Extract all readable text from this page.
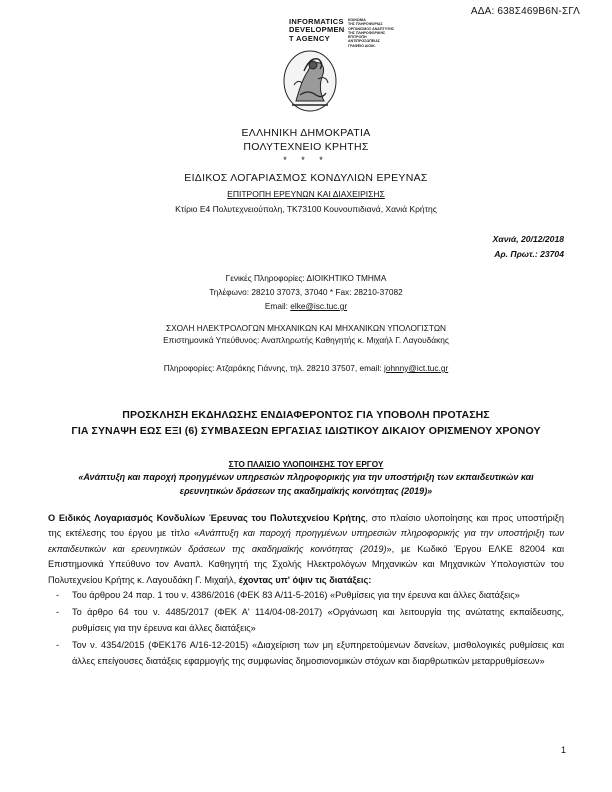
ΑΔΑ: 638Σ469Β6Ν-ΣΓΛ
INFORMATICS
DEVELOPMEN
T AGENCY
ΚΟΙΝΩΝΙΑ
ΤΗΣ ΠΛΗΡΟΦΟΡΙΑΣ
ΟΡΓΑΝΙΣΜΟΣ ΑΝΑΠΤΥΞΗΣ
ΤΗΣ ΠΛΗΡΟΦΟΡΙΚΗΣ
ΕΠΙΤΡΟΠΗ
ΑΝΤΙΠΡΟΣΩΠΕΙΑΣ
ΓΡΑΦΕΙΟ ΔΙΟΙΚ.
ΕΛΛΗΝΙΚΗ ΔΗΜΟΚΡΑΤΙΑ
ΠΟΛΥΤΕΧΝΕΙΟ ΚΡΗΤΗΣ
* * *
ΕΙΔΙΚΟΣ ΛΟΓΑΡΙΑΣΜΟΣ ΚΟΝΔΥΛΙΩΝ ΕΡΕΥΝΑΣ
ΕΠΙΤΡΟΠΗ ΕΡΕΥΝΩΝ ΚΑΙ ΔΙΑΧΕΙΡΙΣΗΣ
Κτίριο Ε4 Πολυτεχνειούπολη, ΤΚ73100 Κουνουπιδιανά, Χανιά Κρήτης
Χανιά, 20/12/2018
Αρ. Πρωτ.: 23704
Γενικές Πληροφορίες: ΔΙΟΙΚΗΤΙΚΟ ΤΜΗΜΑ
Τηλέφωνο: 28210 37073, 37040 * Fax: 28210-37082
Email: elke@isc.tuc.gr
ΣΧΟΛΗ ΗΛΕΚΤΡΟΛΟΓΩΝ ΜΗΧΑΝΙΚΩΝ ΚΑΙ ΜΗΧΑΝΙΚΩΝ ΥΠΟΛΟΓΙΣΤΩΝ
Επιστημονικά Υπεύθυνος: Αναπληρωτής Καθηγητής κ. Μιχαήλ Γ. Λαγουδάκης
Πληροφορίες: Ατζαράκης Γιάννης, τηλ. 28210 37507, email: johnny@ict.tuc.gr
ΠΡΟΣΚΛΗΣΗ ΕΚΔΗΛΩΣΗΣ ΕΝΔΙΑΦΕΡΟΝΤΟΣ ΓΙΑ ΥΠΟΒΟΛΗ ΠΡΟΤΑΣΗΣ
ΓΙΑ ΣΥΝΑΨΗ ΕΩΣ ΕΞΙ (6) ΣΥΜΒΑΣΕΩΝ ΕΡΓΑΣΙΑΣ ΙΔΙΩΤΙΚΟΥ ΔΙΚΑΙΟΥ ΟΡΙΣΜΕΝΟΥ ΧΡΟΝΟΥ
ΣΤΟ ΠΛΑΙΣΙΟ ΥΛΟΠΟΙΗΣΗΣ ΤΟΥ ΕΡΓΟΥ
«Ανάπτυξη και παροχή προηγμένων υπηρεσιών πληροφορικής για την υποστήριξη των εκπαιδευτικών και
ερευνητικών δράσεων της ακαδημαϊκής κοινότητας (2019)»
Ο Ειδικός Λογαριασμός Κονδυλίων Έρευνας του Πολυτεχνείου Κρήτης, στο πλαίσιο υλοποίησης και προς υποστήριξη της εκτέλεσης του έργου με τίτλο «Ανάπτυξη και παροχή προηγμένων υπηρεσιών πληροφορικής για την υποστήριξη των εκπαιδευτικών και ερευνητικών δράσεων της ακαδημαϊκής κοινότητας (2019)», με Κωδικό Έργου ΕΛΚΕ 82004 και Επιστημονικά Υπεύθυνο τον Αναπλ. Καθηγητή της Σχολής Ηλεκτρολόγων Μηχανικών και Μηχανικών Υπολογιστών του Πολυτεχνείου Κρήτης κ. Λαγουδάκη Γ. Μιχαήλ, έχοντας υπ' όψιν τις διατάξεις:
- Του άρθρου 24 παρ. 1 του ν. 4386/2016 (ΦΕΚ 83 Α/11-5-2016) «Ρυθμίσεις για την έρευνα και άλλες διατάξεις»
- Το άρθρο 64 του ν. 4485/2017 (ΦΕΚ Α' 114/04-08-2017) «Οργάνωση και λειτουργία της ανώτατης εκπαίδευσης, ρυθμίσεις για την έρευνα και άλλες διατάξεις»
- Τον ν. 4354/2015 (ΦΕΚ176 Α/16-12-2015) «Διαχείριση των μη εξυπηρετούμενων δανείων, μισθολογικές ρυθμίσεις και άλλες επείγουσες διατάξεις εφαρμογής της συμφωνίας δημοσιονομικών στόχων και διαρθρωτικών μεταρρυθμίσεων»
1
